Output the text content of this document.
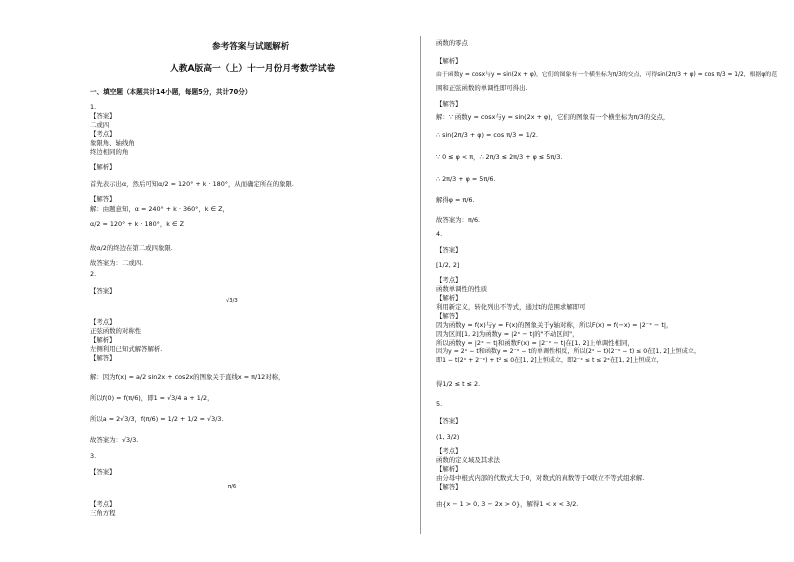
参考答案与试题解析
人教A版高一（上）十一月份月考数学试卷
一、填空题（本题共计14小题，每题5分，共计70分）
1.
【答案】
二或四
【考点】
象限角、轴线角
终边相同的角
【解析】
首先表示出α，然后可知α/2 = 120° + k · 180°，从而确定所在的象限.
【解答】
解：由题意知，α = 240° + k · 360°，k ∈ Z，
α/2 = 120° + k · 180°，k ∈ Z
故α/2的终边在第二或四象限.
故答案为：二或四.
2.
【答案】
√3/3
【考点】
正弦函数的对称性
【解析】
左侧利用已知式解答解析.
【解答】
解：因为f(x) = a/2 sin2x + cos2x的图象关于直线x = π/12对称，
所以f(0) = f(π/6)，即1 = √3/4 a + 1/2，
所以a = 2√3/3，f(π/6) = 1/2 + 1/2 = √3/3.
故答案为：√3/3.
3.
【答案】
π/6
【考点】
三角方程
函数的零点
【解析】
由于函数y = cosx与y = sin(2x + φ)，它们的图象有一个横坐标为π/3的交点，可得sin(2π/3 + φ) = cos π/3 = 1/2，根据φ的范
围和正弦函数的单调性即可得出.
【解答】
解：∵ 函数y = cosx与y = sin(2x + φ)，它们的图象有一个横坐标为π/3的交点，
∴ sin(2π/3 + φ) = cos π/3 = 1/2.
∵ 0 ≤ φ < π，∴ 2π/3 ≤ 2π/3 + φ ≤ 5π/3.
∴ 2π/3 + φ = 5π/6.
解得φ = π/6.
故答案为：π/6.
4.
【答案】
[1/2, 2]
【考点】
函数单调性的性质
【解析】
利用新定义，转化列出不等式，通过t的范围求解即可
【解答】
因为函数y = f(x)与y = F(x)的图象关于y轴对称，所以F(x) = f(−x) = |2⁻ˣ − t|，
因为区间[1, 2]为函数y = |2ˣ − t|的"不动区间"，
所以函数y = |2ˣ − t|和函数F(x) = |2⁻ˣ − t|在[1, 2]上单调性相同，
因为y = 2ˣ − t和函数y = 2⁻ˣ − t的单调性相反，所以(2ˣ − t)(2⁻ˣ − t) ≤ 0在[1, 2]上恒成立，
即1 − t(2ˣ + 2⁻ˣ) + t² ≤ 0在[1, 2]上恒成立，即2⁻ˣ ≤ t ≤ 2ˣ在[1, 2]上恒成立，
得1/2 ≤ t ≤ 2.
5.
【答案】
(1, 3/2)
【考点】
函数的定义域及其求法
【解析】
由分母中根式内部的代数式大于0，对数式的真数等于0联立不等式组求解.
【解答】
由{x − 1 > 0, 3 − 2x > 0}，解得1 < x < 3/2.
